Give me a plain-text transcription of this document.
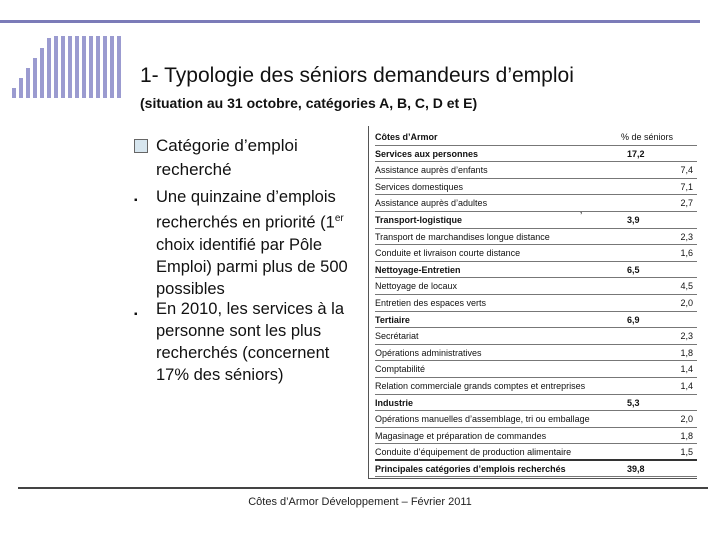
1- Typologie des séniors demandeurs d’emploi
(situation au 31 octobre, catégories A, B, C, D et E)
Catégorie d’emploi recherché
▪ Une quinzaine d’emplois recherchés en priorité (1er choix identifié par Pôle Emploi) parmi plus de 500 possibles
▪ En 2010, les services à la personne sont les plus recherchés (concernent 17% des séniors)
Côtes d’Armor	% de séniors
Services aux personnes	17,2
Assistance auprès d’enfants	7,4
Services domestiques	7,1
Assistance auprès d’adultes	2,7
Transport-logistique	3,9
Transport de marchandises longue distance	2,3
Conduite et livraison courte distance	1,6
Nettoyage-Entretien	6,5
Nettoyage de locaux	4,5
Entretien des espaces verts	2,0
Tertiaire	6,9
Secrétariat	2,3
Opérations administratives	1,8
Comptabilité	1,4
Relation commerciale grands comptes et entreprises	1,4
Industrie	5,3
Opérations manuelles d’assemblage, tri ou emballage	2,0
Magasinage et préparation de commandes	1,8
Conduite d’équipement de production alimentaire	1,5
Principales catégories d’emplois recherchés	39,8
’
Côtes d’Armor Développement – Février 2011
